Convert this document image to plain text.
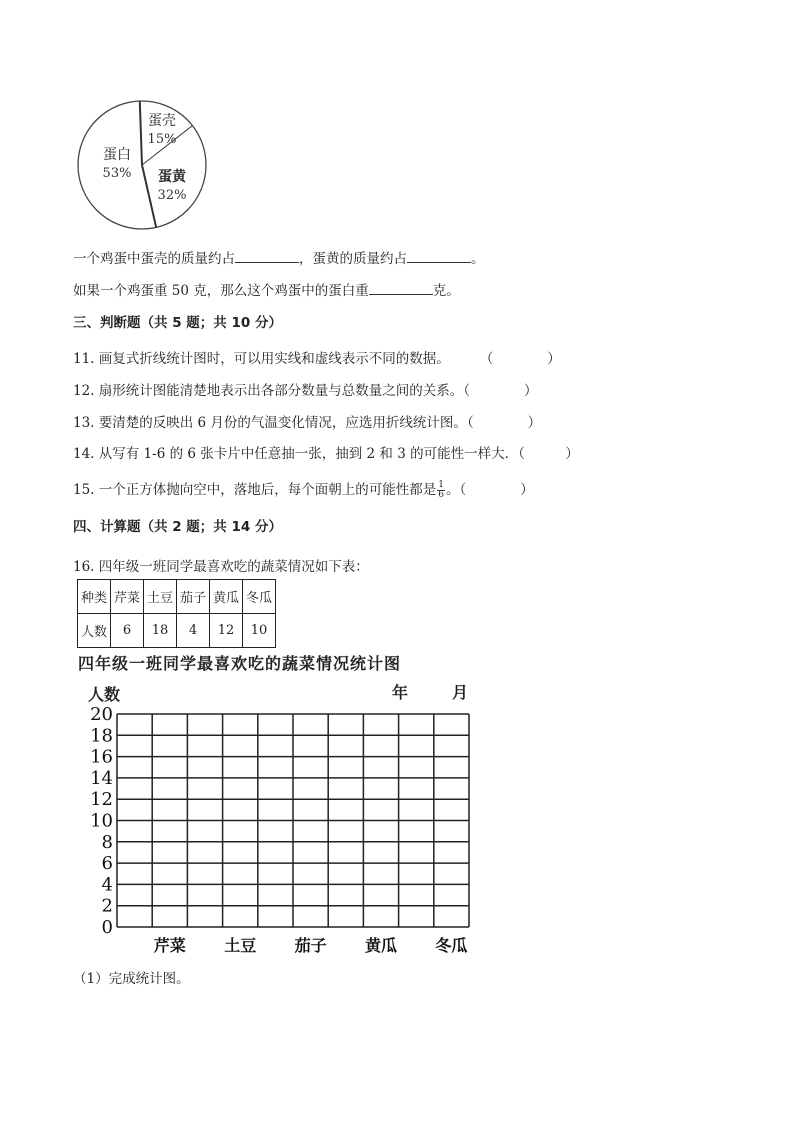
蛋壳
15%
蛋黄
32%
蛋白
53%
一个鸡蛋中蛋壳的质量约占	，蛋黄的质量约占	。
如果一个鸡蛋重 50 克，那么这个鸡蛋中的蛋白重	克。
三、判断题（共 5 题；共 10 分）
11. 画复式折线统计图时，可以用实线和虚线表示不同的数据。 （　　　　）
12. 扇形统计图能清楚地表示出各部分数量与总数量之间的关系。（　　　　）
13. 要清楚的反映出 6 月份的气温变化情况，应选用折线统计图。（　　　　）
14. 从写有 1-6 的 6 张卡片中任意抽一张，抽到 2 和 3 的可能性一样大．（　　　）
15. 一个正方体抛向空中，落地后，每个面朝上的可能性都是 $\frac{1}{6}$ 。（　　　　）
四、计算题（共 2 题；共 14 分）
16. 四年级一班同学最喜欢吃的蔬菜情况如下表：
种类	芹菜	土豆	茄子	黄瓜	冬瓜
人数	6	18	4	12	10
四年级一班同学最喜欢吃的蔬菜情况统计图
人数	年	月
0
2
4
6
8
10
12
14
16
18
20
芹菜 土豆 茄子 黄瓜 冬瓜
（1）完成统计图。
